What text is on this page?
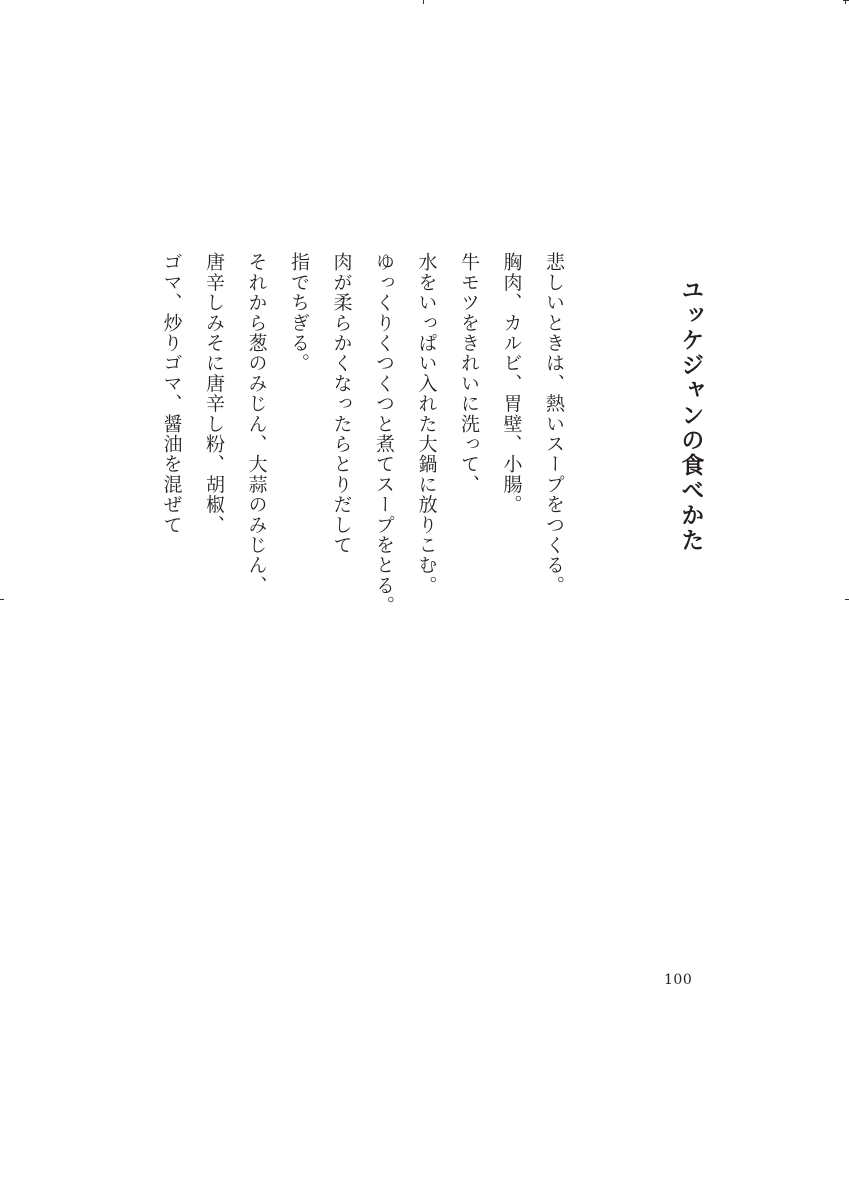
ユッケジャンの食べかた
悲しいときは、熱いスープをつくる。
胸肉、カルビ、胃壁、小腸。
牛モツをきれいに洗って、
水をいっぱい入れた大鍋に放りこむ。
ゆっくりくつくつと煮てスープをとる。
肉が柔らかくなったらとりだして
指でちぎる。
それから葱のみじん、大蒜のみじん、
唐辛しみそに唐辛し粉、胡椒、
ゴマ、炒りゴマ、醤油を混ぜて
100
